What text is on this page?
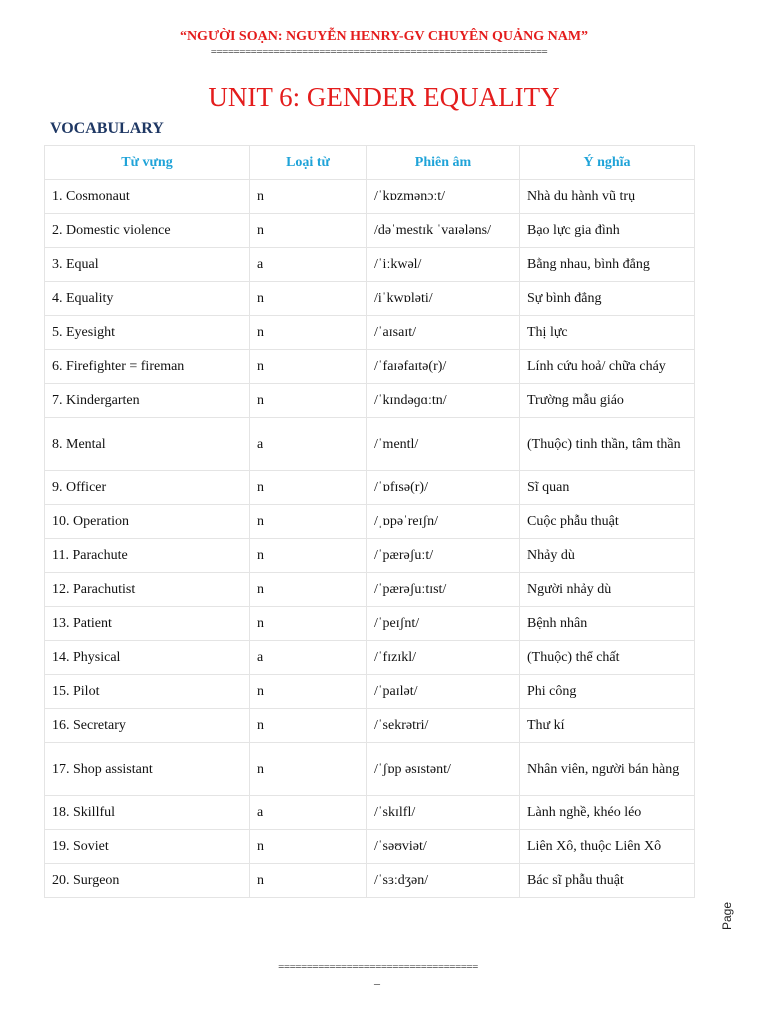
“NGƯỜI SOẠN: NGUYỄN HENRY-GV CHUYÊN QUẢNG NAM”
===========================================================
UNIT 6: GENDER EQUALITY
VOCABULARY
Từ vựng	Loại từ	Phiên âm	Ý nghĩa
1. Cosmonaut	n	/ˈkɒzmənɔːt/	Nhà du hành vũ trụ
2. Domestic violence	n	/dəˈmestɪk ˈvaɪələns/	Bạo lực gia đình
3. Equal	a	/ˈiːkwəl/	Bằng nhau, bình đẳng
4. Equality	n	/iˈkwɒləti/	Sự bình đẳng
5. Eyesight	n	/ˈaɪsaɪt/	Thị lực
6. Firefighter = fireman	n	/ˈfaɪəfaɪtə(r)/	Lính cứu hoả/ chữa cháy
7. Kindergarten	n	/ˈkɪndəɡɑːtn/	Trường mẫu giáo
8. Mental	a	/ˈmentl/	(Thuộc) tinh thần, tâm thần
9. Officer	n	/ˈɒfɪsə(r)/	Sĩ quan
10. Operation	n	/ˌɒpəˈreɪʃn/	Cuộc phẫu thuật
11. Parachute	n	/ˈpærəʃuːt/	Nhảy dù
12. Parachutist	n	/ˈpærəʃuːtɪst/	Người nhảy dù
13. Patient	n	/ˈpeɪʃnt/	Bệnh nhân
14. Physical	a	/ˈfɪzɪkl/	(Thuộc) thể chất
15. Pilot	n	/ˈpaɪlət/	Phi công
16. Secretary	n	/ˈsekrətri/	Thư kí
17. Shop assistant	n	/ˈʃɒp əsɪstənt/	Nhân viên, người bán hàng
18. Skillful	a	/ˈskɪlfl/	Lành nghề, khéo léo
19. Soviet	n	/ˈsəʊviət/	Liên Xô, thuộc Liên Xô
20. Surgeon	n	/ˈsɜːdʒən/	Bác sĩ phẫu thuật
Page
===================================
–
